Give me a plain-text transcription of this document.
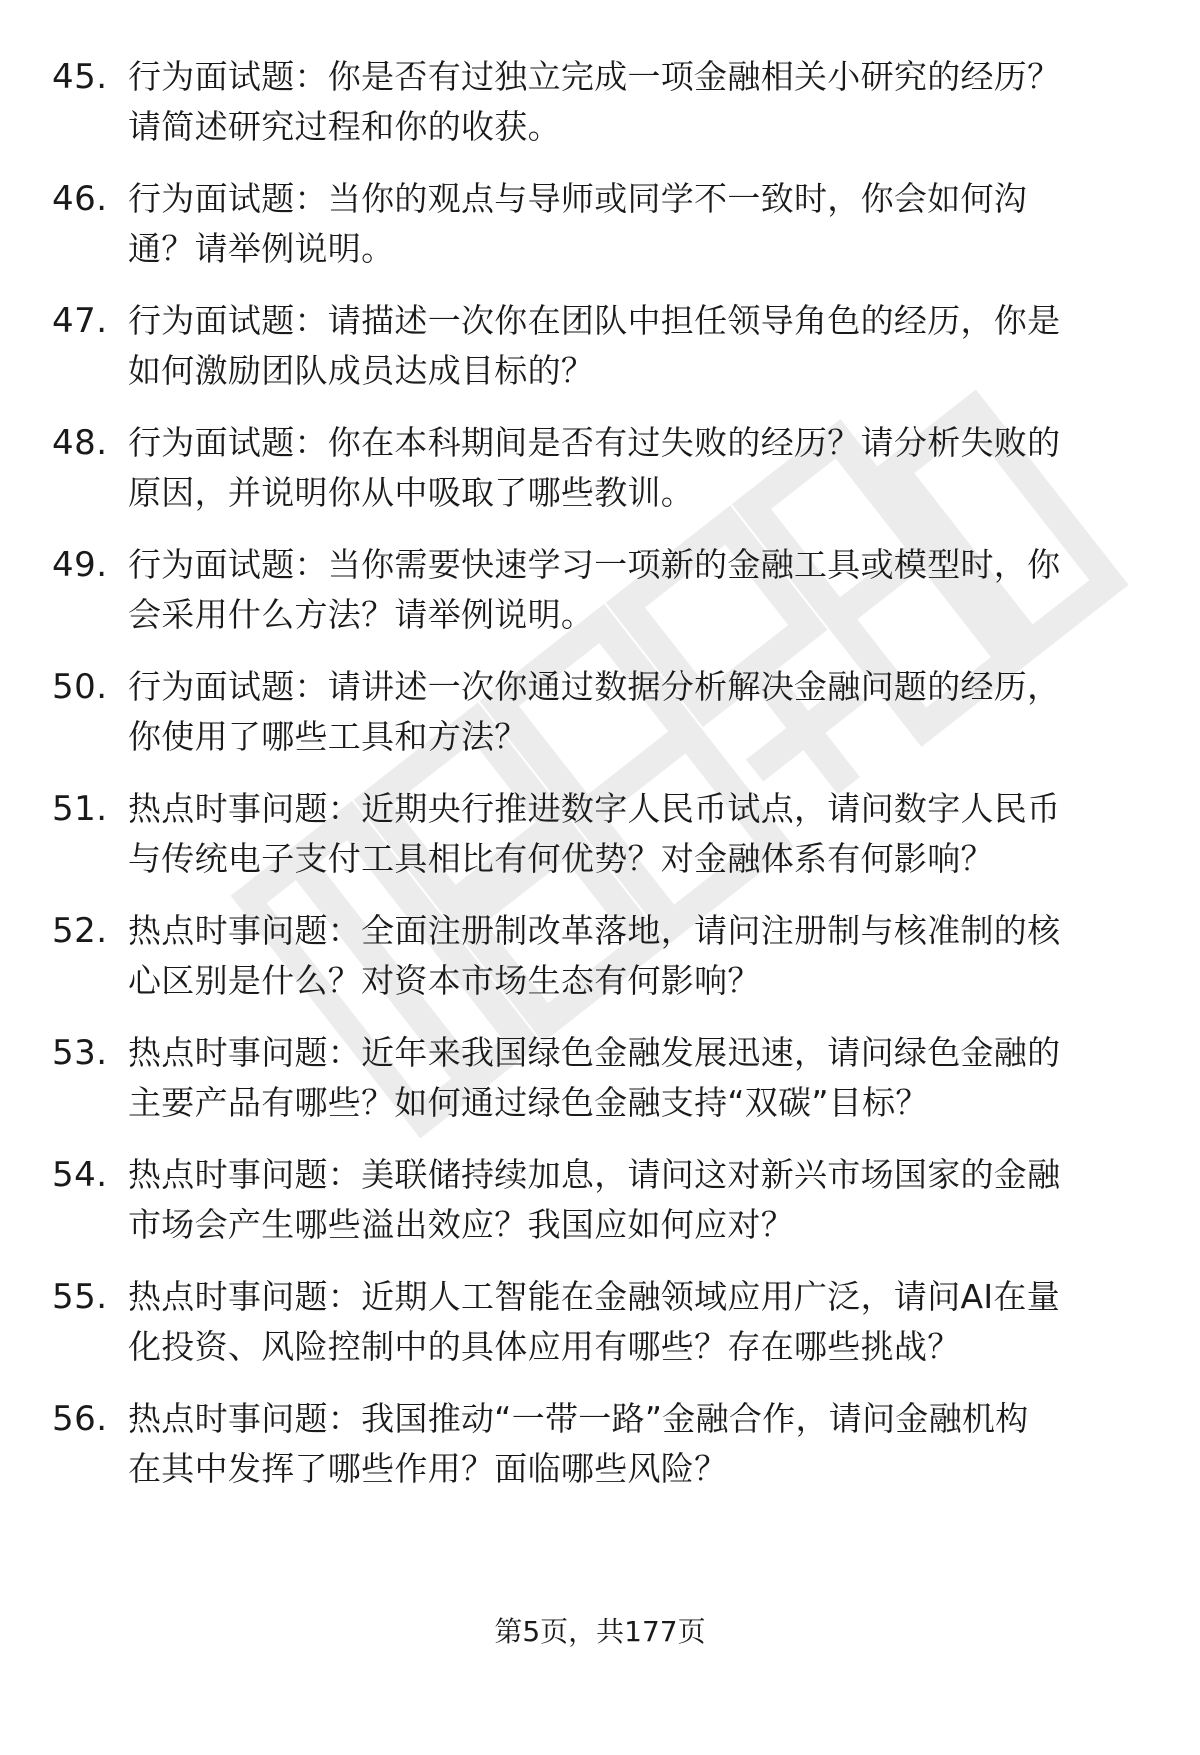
45. 行为面试题：你是否有过独立完成一项金融相关小研究的经历？
请简述研究过程和你的收获。
46. 行为面试题：当你的观点与导师或同学不一致时，你会如何沟
通？请举例说明。
47. 行为面试题：请描述一次你在团队中担任领导角色的经历，你是
如何激励团队成员达成目标的？
48. 行为面试题：你在本科期间是否有过失败的经历？请分析失败的
原因，并说明你从中吸取了哪些教训。
49. 行为面试题：当你需要快速学习一项新的金融工具或模型时，你
会采用什么方法？请举例说明。
50. 行为面试题：请讲述一次你通过数据分析解决金融问题的经历，
你使用了哪些工具和方法？
51. 热点时事问题：近期央行推进数字人民币试点，请问数字人民币
与传统电子支付工具相比有何优势？对金融体系有何影响？
52. 热点时事问题：全面注册制改革落地，请问注册制与核准制的核
心区别是什么？对资本市场生态有何影响？
53. 热点时事问题：近年来我国绿色金融发展迅速，请问绿色金融的
主要产品有哪些？如何通过绿色金融支持“双碳”目标？
54. 热点时事问题：美联储持续加息，请问这对新兴市场国家的金融
市场会产生哪些溢出效应？我国应如何应对？
55. 热点时事问题：近期人工智能在金融领域应用广泛，请问AI在量
化投资、风险控制中的具体应用有哪些？存在哪些挑战？
56. 热点时事问题：我国推动“一带一路”金融合作，请问金融机构
在其中发挥了哪些作用？面临哪些风险？
第5页，共177页
